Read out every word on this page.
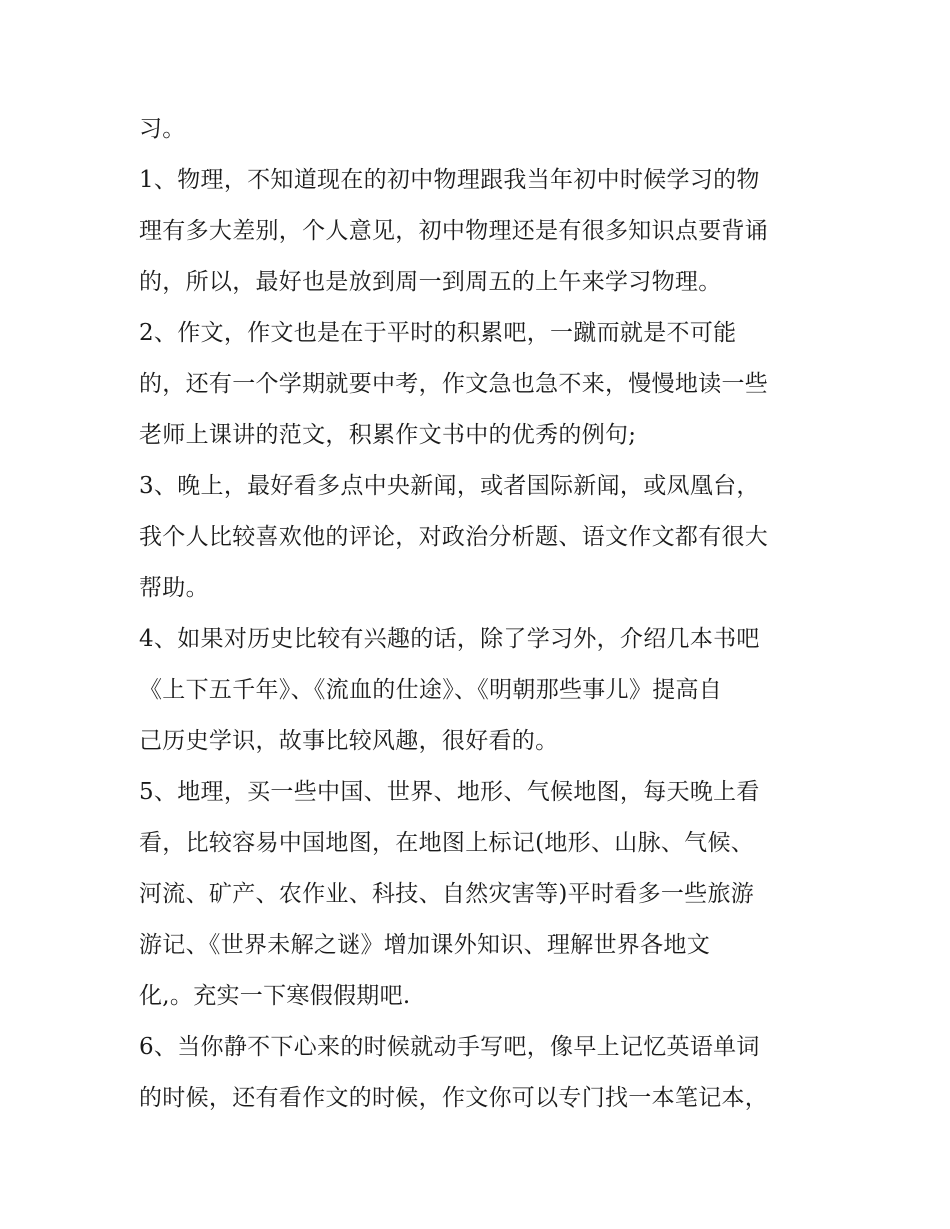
习。
1、物理，不知道现在的初中物理跟我当年初中时候学习的物
理有多大差别，个人意见，初中物理还是有很多知识点要背诵
的，所以，最好也是放到周一到周五的上午来学习物理。
2、作文，作文也是在于平时的积累吧，一蹴而就是不可能
的，还有一个学期就要中考，作文急也急不来，慢慢地读一些
老师上课讲的范文，积累作文书中的优秀的例句;
3、晚上，最好看多点中央新闻，或者国际新闻，或凤凰台，
我个人比较喜欢他的评论，对政治分析题、语文作文都有很大
帮助。
4、如果对历史比较有兴趣的话，除了学习外，介绍几本书吧
《上下五千年》、《流血的仕途》、《明朝那些事儿》提高自
己历史学识，故事比较风趣，很好看的。
5、地理，买一些中国、世界、地形、气候地图，每天晚上看
看，比较容易中国地图，在地图上标记(地形、山脉、气候、
河流、矿产、农作业、科技、自然灾害等)平时看多一些旅游
游记、《世界未解之谜》增加课外知识、理解世界各地文
化,。充实一下寒假假期吧.
6、当你静不下心来的时候就动手写吧，像早上记忆英语单词
的时候，还有看作文的时候，作文你可以专门找一本笔记本，
